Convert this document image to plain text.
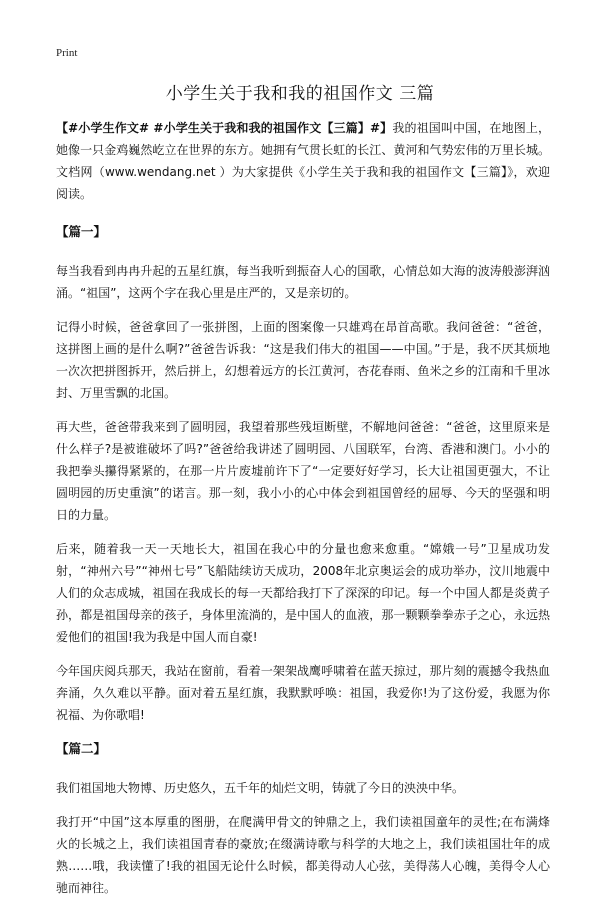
Print
小学生关于我和我的祖国作文 三篇

【#小学生作文# #小学生关于我和我的祖国作文【三篇】#】我的祖国叫中国，在地图上，她像一只金鸡巍然屹立在世界的东方。她拥有气贯长虹的长江、黄河和气势宏伟的万里长城。文档网（www.wendang.net ）为大家提供《小学生关于我和我的祖国作文【三篇】》，欢迎阅读。

【篇一】

每当我看到冉冉升起的五星红旗，每当我听到振奋人心的国歌，心情总如大海的波涛般澎湃汹涌。“祖国”，这两个字在我心里是庄严的，又是亲切的。

记得小时候，爸爸拿回了一张拼图，上面的图案像一只雄鸡在昂首高歌。我问爸爸：“爸爸，这拼图上画的是什么啊?”爸爸告诉我：“这是我们伟大的祖国——中国。”于是，我不厌其烦地一次次把拼图拆开，然后拼上，幻想着远方的长江黄河，杏花春雨、鱼米之乡的江南和千里冰封、万里雪飘的北国。

再大些，爸爸带我来到了圆明园，我望着那些残垣断壁，不解地问爸爸：“爸爸，这里原来是什么样子?是被谁破坏了吗?”爸爸给我讲述了圆明园、八国联军，台湾、香港和澳门。小小的我把拳头攥得紧紧的，在那一片片废墟前许下了“一定要好好学习，长大让祖国更强大，不让圆明园的历史重演”的诺言。那一刻，我小小的心中体会到祖国曾经的屈辱、今天的坚强和明日的力量。

后来，随着我一天一天地长大，祖国在我心中的分量也愈来愈重。“嫦娥一号”卫星成功发射，“神州六号”“神州七号”飞船陆续访天成功，2008年北京奥运会的成功举办，汶川地震中人们的众志成城，祖国在我成长的每一天都给我打下了深深的印记。每一个中国人都是炎黄子孙，都是祖国母亲的孩子，身体里流淌的，是中国人的血液，那一颗颗拳拳赤子之心，永远热爱他们的祖国!我为我是中国人而自豪!

今年国庆阅兵那天，我站在窗前，看着一架架战鹰呼啸着在蓝天掠过，那片刻的震撼令我热血奔涌，久久难以平静。面对着五星红旗，我默默呼唤：祖国，我爱你!为了这份爱，我愿为你祝福、为你歌唱!

【篇二】

我们祖国地大物博、历史悠久，五千年的灿烂文明，铸就了今日的泱泱中华。

我打开“中国”这本厚重的图册，在爬满甲骨文的钟鼎之上，我们读祖国童年的灵性;在布满烽火的长城之上，我们读祖国青春的豪放;在缀满诗歌与科学的大地之上，我们读祖国壮年的成熟……哦，我读懂了!我的祖国无论什么时候，都美得动人心弦，美得荡人心魄，美得令人心驰而神往。
